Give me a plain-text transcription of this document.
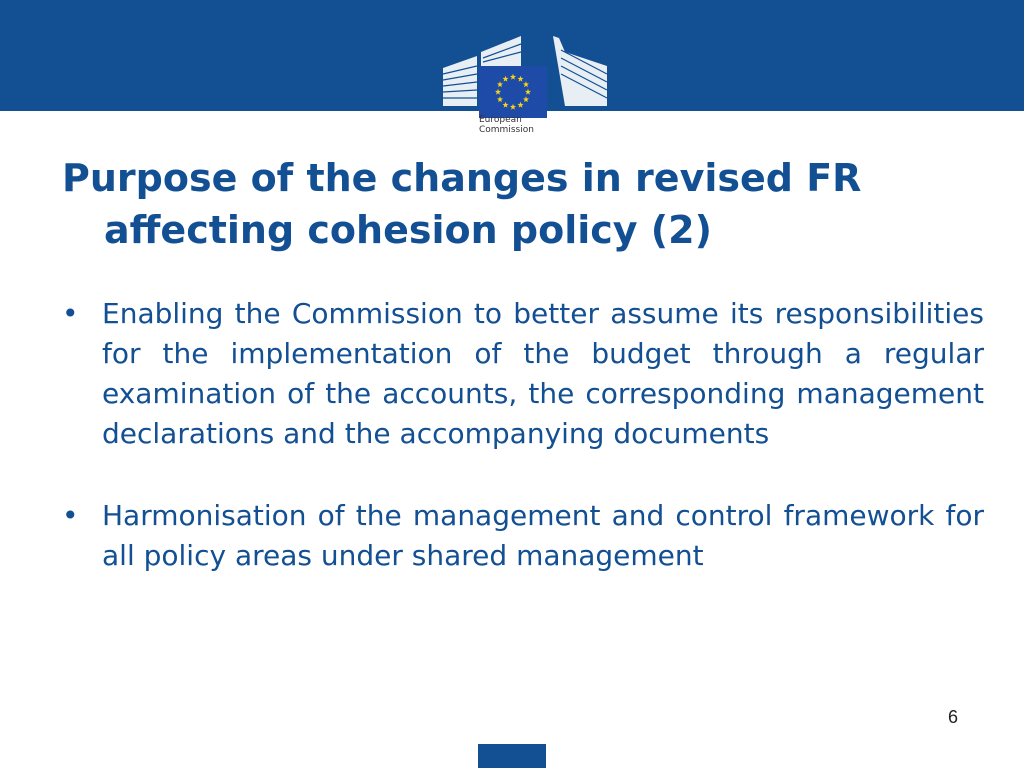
European
Commission
Purpose of the changes in revised FR
affecting cohesion policy (2)
• Enabling the Commission to better assume its responsibilities for the implementation of the budget through a regular examination of the accounts, the corresponding management declarations and the accompanying documents
• Harmonisation of the management and control framework for all policy areas under shared management
6
